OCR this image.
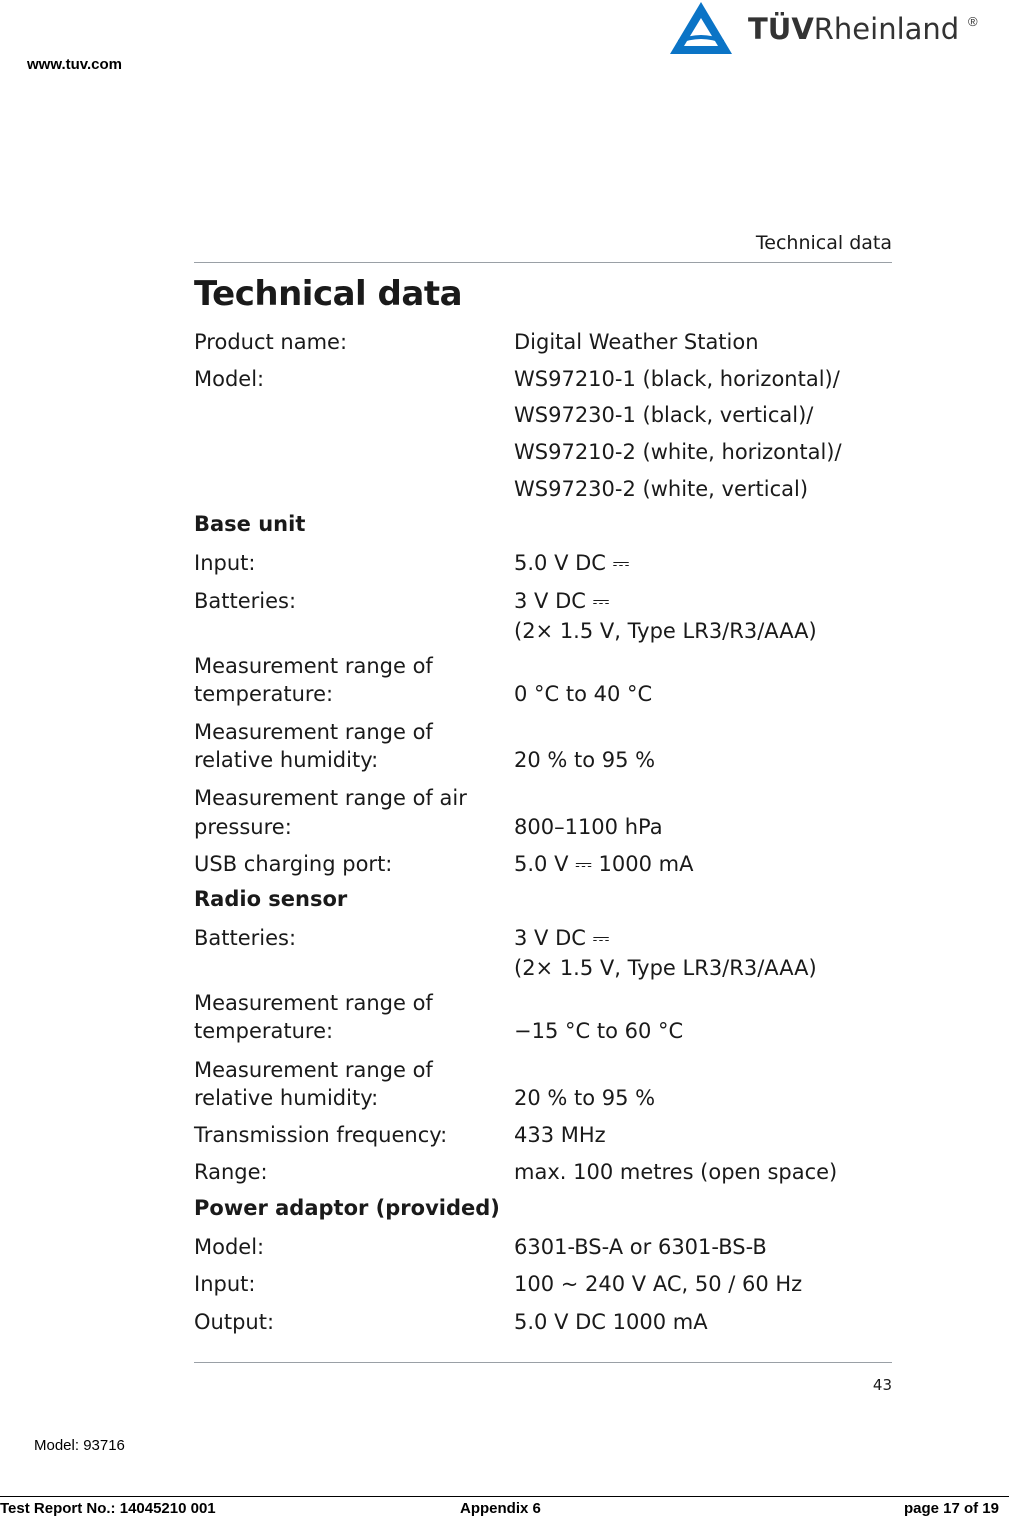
www.tuv.com
TÜVRheinland ®
Technical data
Technical data
Product name:	Digital Weather Station
Model:	WS97210-1 (black, horizontal)/
WS97230-1 (black, vertical)/
WS97210-2 (white, horizontal)/
WS97230-2 (white, vertical)
Base unit
Input:	5.0 V DC ⎓
Batteries:	3 V DC ⎓
(2× 1.5 V, Type LR3/R3/AAA)
Measurement range of
temperature:	0 °C to 40 °C
Measurement range of
relative humidity:	20 % to 95 %
Measurement range of air
pressure:	800–1100 hPa
USB charging port:	5.0 V ⎓ 1000 mA
Radio sensor
Batteries:	3 V DC ⎓
(2× 1.5 V, Type LR3/R3/AAA)
Measurement range of
temperature:	−15 °C to 60 °C
Measurement range of
relative humidity:	20 % to 95 %
Transmission frequency:	433 MHz
Range:	max. 100 metres (open space)
Power adaptor (provided)
Model:	6301-BS-A or 6301-BS-B
Input:	100 ~ 240 V AC, 50 / 60 Hz
Output:	5.0 V DC 1000 mA
43
Model: 93716
Test Report No.: 14045210 001	Appendix 6	page 17 of 19
